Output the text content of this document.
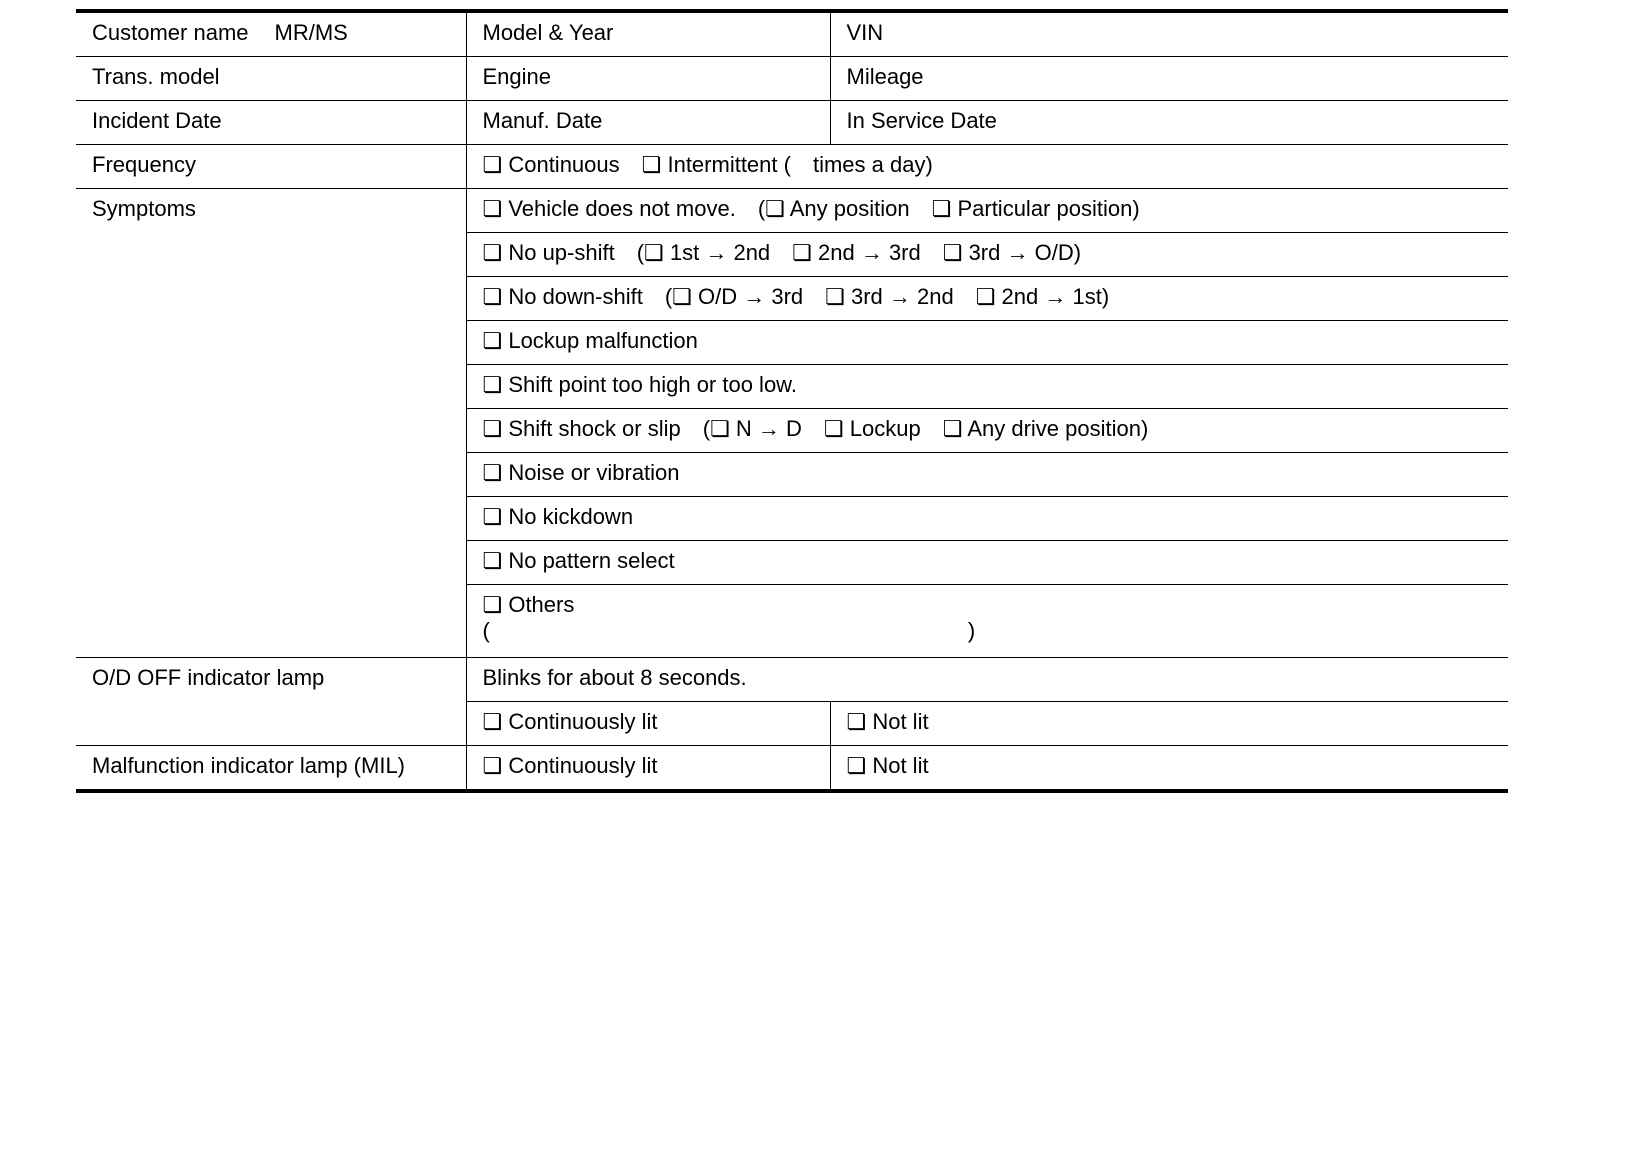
Customer name MR/MS	Model & Year	VIN
Trans. model	Engine	Mileage
Incident Date	Manuf. Date	In Service Date
Frequency	❏ Continuous ❏ Intermittent ( times a day)	
Symptoms	❏ Vehicle does not move. (❏ Any position ❏ Particular position)	
	❏ No up-shift (❏ 1st → 2nd ❏ 2nd → 3rd ❏ 3rd → O/D)	
	❏ No down-shift (❏ O/D → 3rd ❏ 3rd → 2nd ❏ 2nd → 1st)	
	❏ Lockup malfunction	
	❏ Shift point too high or too low.	
	❏ Shift shock or slip (❏ N → D ❏ Lockup ❏ Any drive position)	
	❏ Noise or vibration	
	❏ No kickdown	
	❏ No pattern select	

	❏ Others
( )	

O/D OFF indicator lamp	Blinks for about 8 seconds.	
	❏ Continuously lit	❏ Not lit
Malfunction indicator lamp (MIL)	❏ Continuously lit	❏ Not lit
